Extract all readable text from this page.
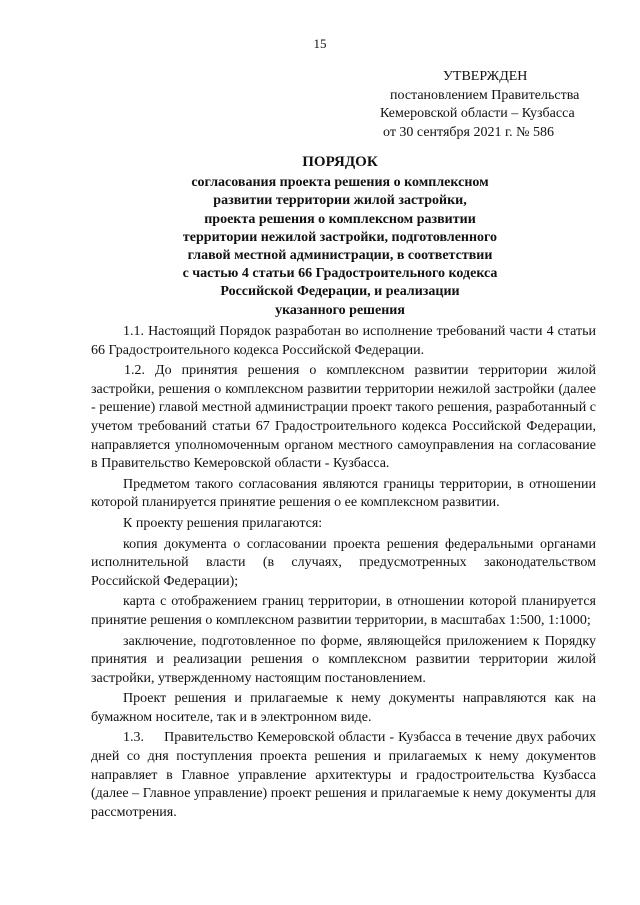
15
УТВЕРЖДЕН
постановлением Правительства
Кемеровской области – Кузбасса
от 30 сентября 2021 г. № 586
ПОРЯДОК
согласования проекта решения о комплексном
развитии территории жилой застройки,
проекта решения о комплексном развитии
территории нежилой застройки, подготовленного
главой местной администрации, в соответствии
с частью 4 статьи 66 Градостроительного кодекса
Российской Федерации, и реализации
указанного решения

1.1. Настоящий Порядок разработан во исполнение требований части 4 статьи 66 Градостроительного кодекса Российской Федерации.

1.2. До принятия решения о комплексном развитии территории жилой застройки, решения о комплексном развитии территории нежилой застройки (далее - решение) главой местной администрации проект такого решения, разработанный с учетом требований статьи 67 Градостроительного кодекса Российской Федерации, направляется уполномоченным органом местного самоуправления на согласование в Правительство Кемеровской области - Кузбасса.

Предметом такого согласования являются границы территории, в отношении которой планируется принятие решения о ее комплексном развитии.

К проекту решения прилагаются:

копия документа о согласовании проекта решения федеральными органами исполнительной власти (в случаях, предусмотренных законодательством Российской Федерации);

карта с отображением границ территории, в отношении которой планируется принятие решения о комплексном развитии территории, в масштабах 1:500, 1:1000;

заключение, подготовленное по форме, являющейся приложением к Порядку принятия и реализации решения о комплексном развитии территории жилой застройки, утвержденному настоящим постановлением.

Проект решения и прилагаемые к нему документы направляются как на бумажном носителе, так и в электронном виде.

1.3.     Правительство Кемеровской области - Кузбасса в течение двух рабочих дней со дня поступления проекта решения и прилагаемых к нему документов направляет в Главное управление архитектуры и градостроительства Кузбасса (далее – Главное управление) проект решения и прилагаемые к нему документы для рассмотрения.
